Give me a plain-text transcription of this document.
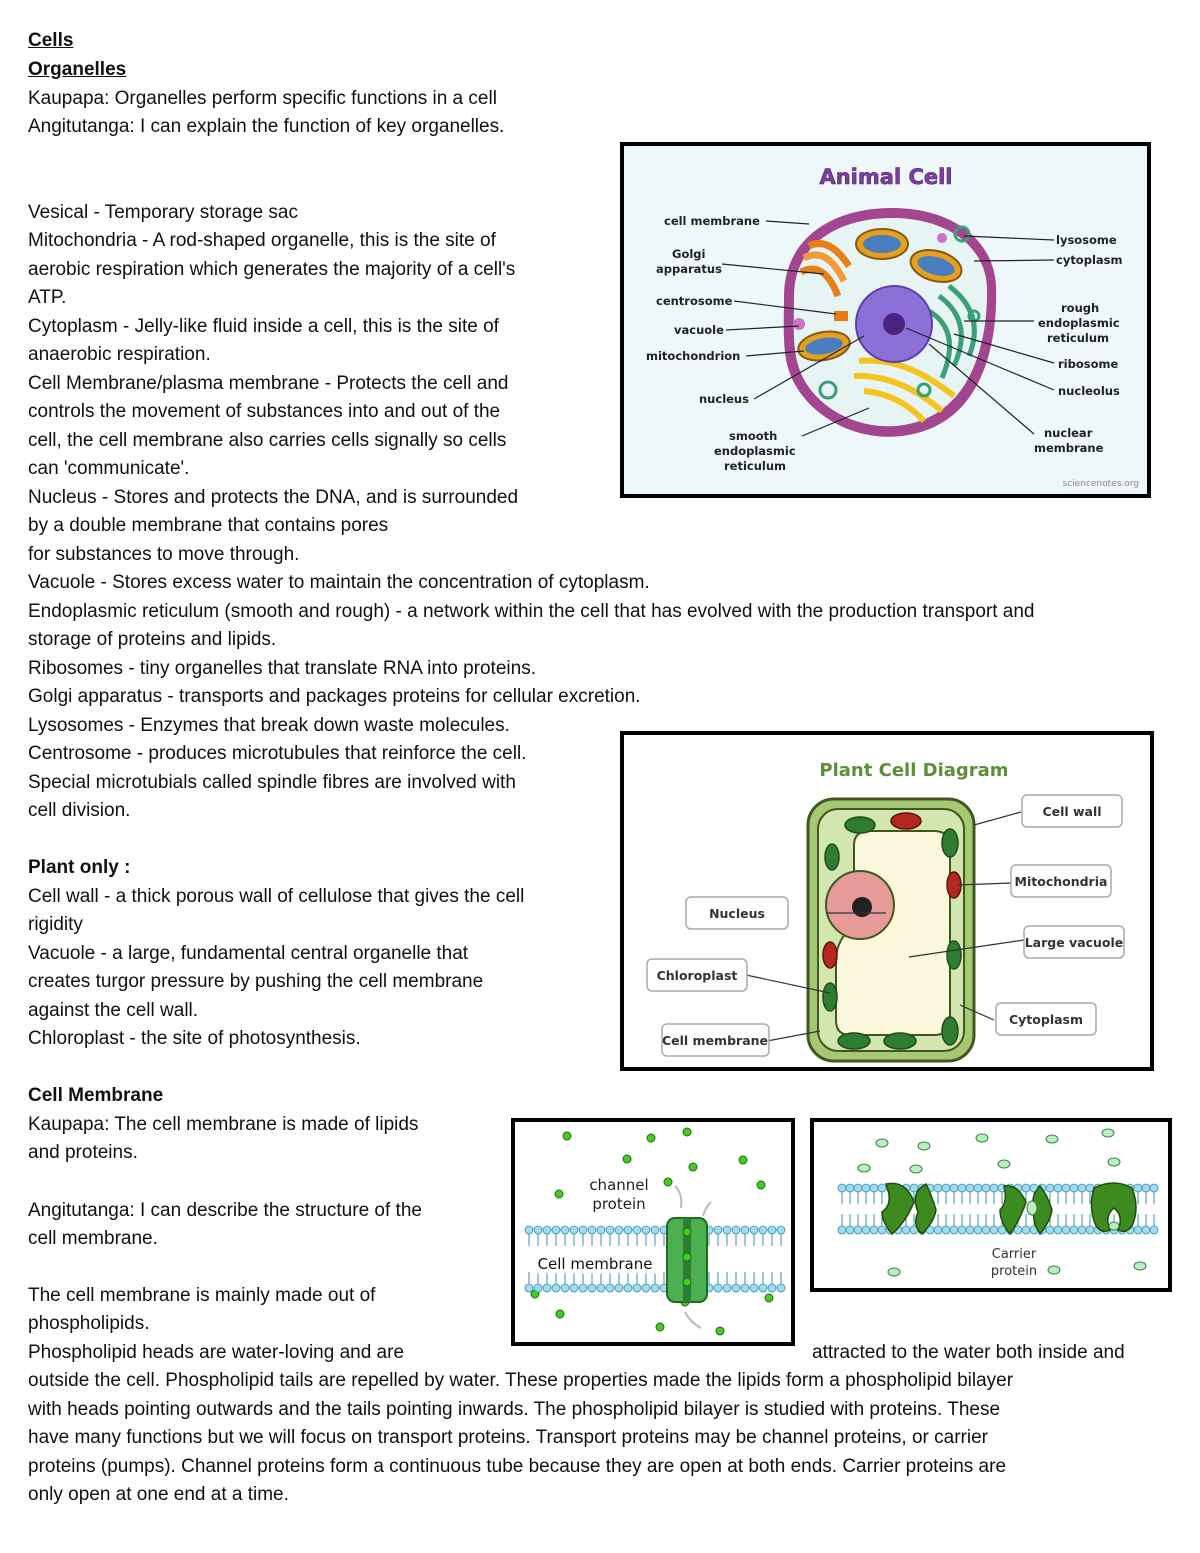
Cells
Organelles
Kaupapa: Organelles perform specific functions in a cell
Angitutanga: I can explain the function of key organelles.
Vesical - Temporary storage sac
Mitochondria - A rod-shaped organelle, this is the site of
aerobic respiration which generates the majority of a cell's
ATP.
Cytoplasm - Jelly-like fluid inside a cell, this is the site of
anaerobic respiration.
Cell Membrane/plasma membrane - Protects the cell and
controls the movement of substances into and out of the
cell, the cell membrane also carries cells signally so cells
can 'communicate'.
Nucleus - Stores and protects the DNA, and is surrounded
by a double membrane that contains pores
for substances to move through.
Vacuole - Stores excess water to maintain the concentration of cytoplasm.
Endoplasmic reticulum (smooth and rough) - a network within the cell that has evolved with the production transport and
storage of proteins and lipids.
Ribosomes - tiny organelles that translate RNA into proteins.
Golgi apparatus - transports and packages proteins for cellular excretion.
Lysosomes - Enzymes that break down waste molecules.
Centrosome - produces microtubules that reinforce the cell.
Special microtubials called spindle fibres are involved with
cell division.
Plant only :
Cell wall - a thick porous wall of cellulose that gives the cell
rigidity
Vacuole - a large, fundamental central organelle that
creates turgor pressure by pushing the cell membrane
against the cell wall.
Chloroplast - the site of photosynthesis.
Cell Membrane
Kaupapa: The cell membrane is made of lipids
and proteins.
Angitutanga: I can describe the structure of the
cell membrane.
The cell membrane is mainly made out of
phospholipids.
Phospholipid heads are water-loving and are	attracted to the water both inside and
outside the cell. Phospholipid tails are repelled by water. These properties made the lipids form a phospholipid bilayer
with heads pointing outwards and the tails pointing inwards. The phospholipid bilayer is studied with proteins. These
have many functions but we will focus on transport proteins. Transport proteins may be channel proteins, or carrier
proteins (pumps). Channel proteins form a continuous tube because they are open at both ends. Carrier proteins are
only open at one end at a time.
Animal Cell
cell membrane
Golgi
apparatus
centrosome
vacuole
mitochondrion
nucleus
smooth
endoplasmic
reticulum
lysosome
cytoplasm
rough
endoplasmic
reticulum
ribosome
nucleolus
nuclear
membrane
sciencenotes.org
Plant Cell Diagram
Cell wall
Mitochondria
Nucleus
Large vacuole
Chloroplast
Cytoplasm
Cell membrane
channel
protein
Cell membrane
Carrier
protein
